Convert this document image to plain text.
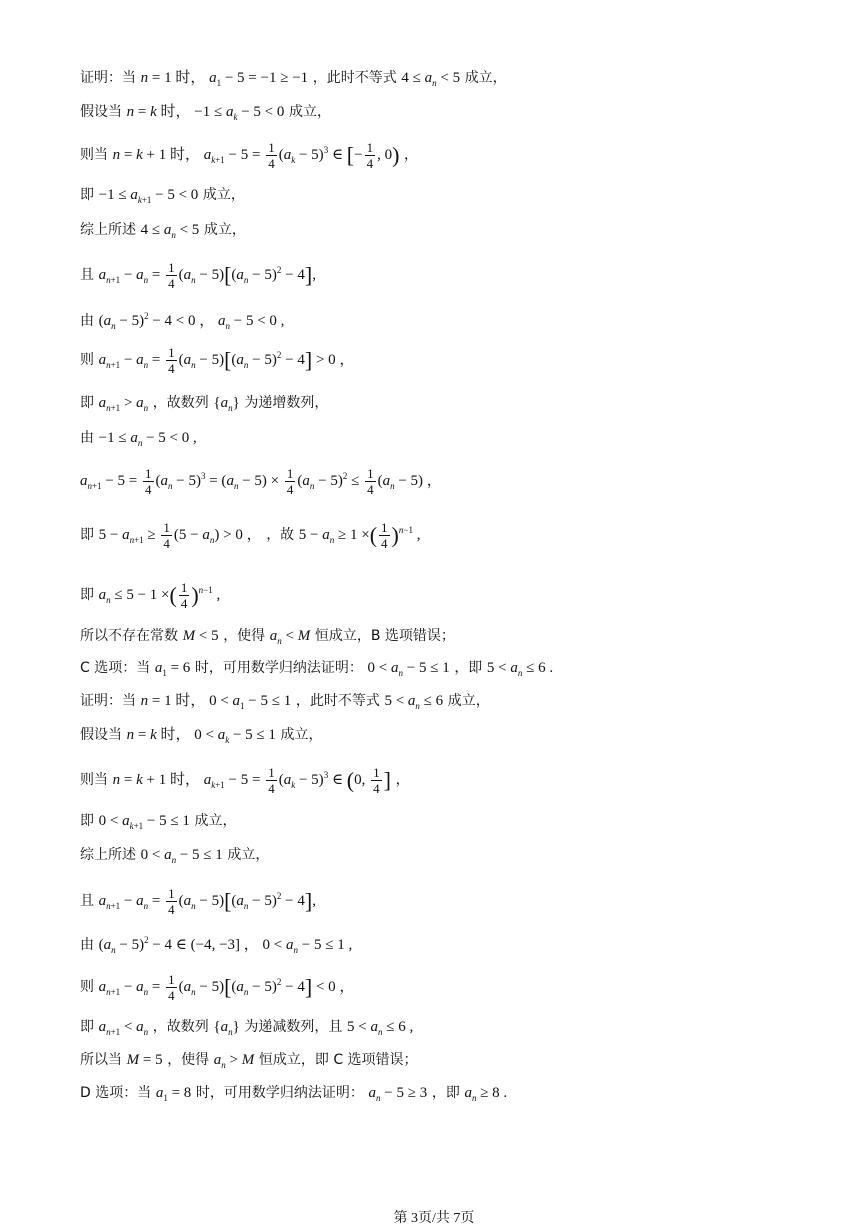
证明：当 n = 1 时， $a_1 - 5 = -1 \ge -1$ ，此时不等式 $4 \le a_n < 5$ 成立，
假设当 n = k 时， $-1 \le a_k - 5 < 0$ 成立，
则当 n = k + 1 时， $a_{k+1} - 5 = \frac{1}{4} (a_k - 5)^3$ ∈ [− $\frac{1}{4}$ , 0) ，
即 $-1 \le a_{k+1} - 5 < 0$ 成立，
综上所述 $4 \le a_n < 5$ 成立，
且 $a_{n+1} - a_n = \frac{1}{4} (a_n - 5)[(a_n - 5)^2 - 4]$,
由 $(a_n - 5)^2 - 4 < 0$ ， $a_n - 5 < 0$ ,
则 $a_{n+1} - a_n = \frac{1}{4} (a_n - 5)[(a_n - 5)^2 - 4] > 0$ ，
即 $a_{n+1} > a_n$ ，故数列 $\{a_n\}$ 为递增数列，
由 $-1 \le a_n - 5 < 0$ ,
$a_{n+1} - 5 = \frac{1}{4} (a_n - 5)^3 = (a_n - 5) \times \frac{1}{4} (a_n - 5)^2 \le \frac{1}{4} (a_n - 5)$ ，
即 $5 - a_{n+1} \ge \frac{1}{4} (5 - a_n) > 0$ ， ，故 $5 - a_n \ge 1$ ×( $\frac{1}{4} )^{n-1}$ ,
即 $a_n \le 5 - 1$ ×( $\frac{1}{4} )^{n-1}$ ,
所以不存在常数 M < 5 ，使得 $a_n < M$ 恒成立，B 选项错误；
C 选项：当 $a_1 = 6$ 时，可用数学归纳法证明： $0 < a_n - 5 \le 1$ ，即 $5 < a_n \le 6$ .
证明：当 n = 1 时， $0 < a_1 - 5 \le 1$ ，此时不等式 $5 < a_n \le 6$ 成立，
假设当 n = k 时， $0 < a_k - 5 \le 1$ 成立，
则当 n = k + 1 时， $a_{k+1} - 5 = \frac{1}{4} (a_k - 5)^3$ ∈ (0, $\frac{1}{4}$ ] ，
即 $0 < a_{k+1} - 5 \le 1$ 成立，
综上所述 $0 < a_n - 5 \le 1$ 成立，
且 $a_{n+1} - a_n = \frac{1}{4} (a_n - 5)[(a_n - 5)^2 - 4]$,
由 $(a_n - 5)^2 - 4$ ∈ (−4, −3] ， $0 < a_n - 5 \le 1$ ,
则 $a_{n+1} - a_n = \frac{1}{4} (a_n - 5)[(a_n - 5)^2 - 4] < 0$ ，
即 $a_{n+1} < a_n$ ，故数列 $\{a_n\}$ 为递减数列，且 $5 < a_n \le 6$ ,
所以当 M = 5 ，使得 $a_n > M$ 恒成立，即 C 选项错误；
D 选项：当 $a_1 = 8$ 时，可用数学归纳法证明： $a_n - 5 \ge 3$ ，即 $a_n \ge 8$ .
第 3页/共 7页
